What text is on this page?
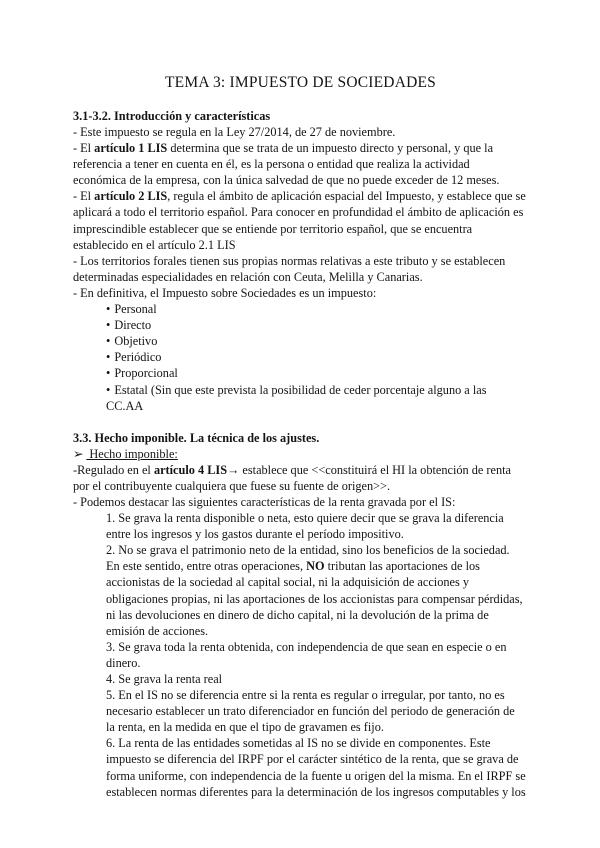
TEMA 3: IMPUESTO DE SOCIEDADES
3.1-3.2. Introducción y características

- Este impuesto se regula en la Ley 27/2014, de 27 de noviembre.

- El artículo 1 LIS determina que se trata de un impuesto directo y personal, y que la referencia a tener en cuenta en él, es la persona o entidad que realiza la actividad económica de la empresa, con la única salvedad de que no puede exceder de 12 meses.

- El artículo 2 LIS, regula el ámbito de aplicación espacial del Impuesto, y establece que se aplicará a todo el territorio español. Para conocer en profundidad el ámbito de aplicación es imprescindible establecer que se entiende por territorio español, que se encuentra establecido en el artículo 2.1 LIS

- Los territorios forales tienen sus propias normas relativas a este tributo y se establecen determinadas especialidades en relación con Ceuta, Melilla y Canarias.

- En definitiva, el Impuesto sobre Sociedades es un impuesto:

• Personal
• Directo
• Objetivo
• Periódico
• Proporcional
• Estatal (Sin que este prevista la posibilidad de ceder porcentaje alguno a las CC.AA
3.3. Hecho imponible. La técnica de los ajustes.

➢ Hecho imponible:

-Regulado en el artículo 4 LIS→ establece que <<constituirá el HI la obtención de renta por el contribuyente cualquiera que fuese su fuente de origen>>.

- Podemos destacar las siguientes características de la renta gravada por el IS:

1. Se grava la renta disponible o neta, esto quiere decir que se grava la diferencia entre los ingresos y los gastos durante el período impositivo.

2. No se grava el patrimonio neto de la entidad, sino los beneficios de la sociedad. En este sentido, entre otras operaciones, NO tributan las aportaciones de los accionistas de la sociedad al capital social, ni la adquisición de acciones y obligaciones propias, ni las aportaciones de los accionistas para compensar pérdidas, ni las devoluciones en dinero de dicho capital, ni la devolución de la prima de emisión de acciones.

3. Se grava toda la renta obtenida, con independencia de que sean en especie o en dinero.

4. Se grava la renta real

5. En el IS no se diferencia entre si la renta es regular o irregular, por tanto, no es necesario establecer un trato diferenciador en función del periodo de generación de la renta, en la medida en que el tipo de gravamen es fijo.

6. La renta de las entidades sometidas al IS no se divide en componentes. Este impuesto se diferencia del IRPF por el carácter sintético de la renta, que se grava de forma uniforme, con independencia de la fuente u origen del la misma. En el IRPF se establecen normas diferentes para la determinación de los ingresos computables y los
